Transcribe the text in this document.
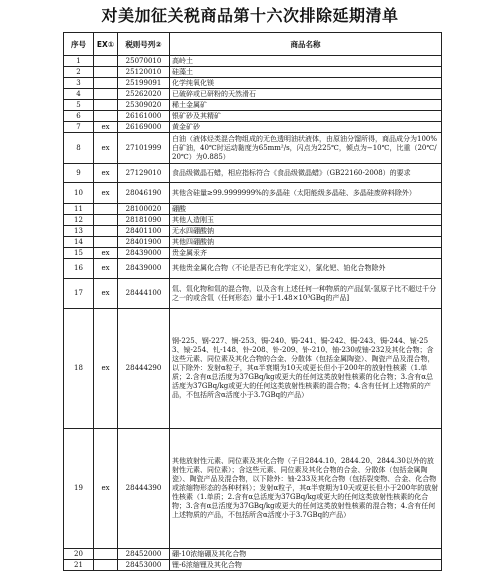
对美加征关税商品第十六次排除延期清单
序号	EX①	税则号列②	商品名称
1		25070010	高岭土
2		25120010	硅藻土
3		25199091	化学纯氧化镁
4		25262020	已破碎或已研粉的天然滑石
5		25309020	稀土金属矿
6		26161000	银矿砂及其精矿
7	ex	26169000	黄金矿砂
8	ex	27101999	白油（液体烃类混合物组成的无色透明油状液体，由原油分馏所得，商品成分为100%白矿油，40℃时运动黏度为65mm²/s，闪点为225℃，倾点为−10℃，比重（20℃/20℃）为0.885）
9	ex	27129010	食品级微晶石蜡，相应指标符合《食品级微晶蜡》（GB22160-2008）的要求
10	ex	28046190	其他含硅量≥99.9999999%的多晶硅（太阳能级多晶硅、多晶硅废碎料除外）
11		28100020	硼酸
12		28181090	其他人造刚玉
13		28401100	无水四硼酸钠
14		28401900	其他四硼酸钠
15	ex	28439000	贵金属汞齐
16	ex	28439000	其他贵金属化合物（不论是否已有化学定义），氯化钯、铂化合物除外
17	ex	28444100	氚、氚化物和氚的混合物，以及含有上述任何一种物质的产品[氚-氢原子比不超过千分之一的或含氚（任何形态）量小于1.48×10³GBq的产品]
18	ex	28444290	钢-225、钢-227、锎-253、锔-240、锔-241、锔-242、锔-243、锔-244、锿-253、锿-254、钆-148、钋-208、钋-209、钋-210、铀-230或铀-232及其化合物；含这些元素、同位素及其化合物的合金、分散体（包括金属陶瓷）、陶瓷产品及混合物，以下除外：发射α粒子，其α半衰期为10天或更长但小于200年的放射性核素（1.单质；2.含有α总活度为37GBq/kg或更大的任何这类放射性核素的化合物；3.含有α总活度为37GBq/kg或更大的任何这类放射性核素的混合物；4.含有任何上述物质的产品，不包括所含α活度小于3.7GBq的产品）
19	ex	28444390	其他放射性元素、同位素及其化合物（子目2844.10、2844.20、2844.30以外的放射性元素、同位素）；含这些元素、同位素及其化合物的合金、分散体（包括金属陶瓷）、陶瓷产品及混合物，以下除外：铀-233及其化合物（包括裂变物、合金、化合物或浓缩物形态的各种材料）；发射α粒子，其α半衰期为10天或更长但小于200年的放射性核素（1.单质；2.含有α总活度为37GBq/kg或更大的任何这类放射性核素的化合物；3.含有α总活度为37GBq/kg或更大的任何这类放射性核素的混合物；4.含有任何上述物质的产品，不包括所含α活度小于3.7GBq的产品）
20		28452000	硼-10浓缩硼及其化合物
21		28453000	锂-6浓缩锂及其化合物
